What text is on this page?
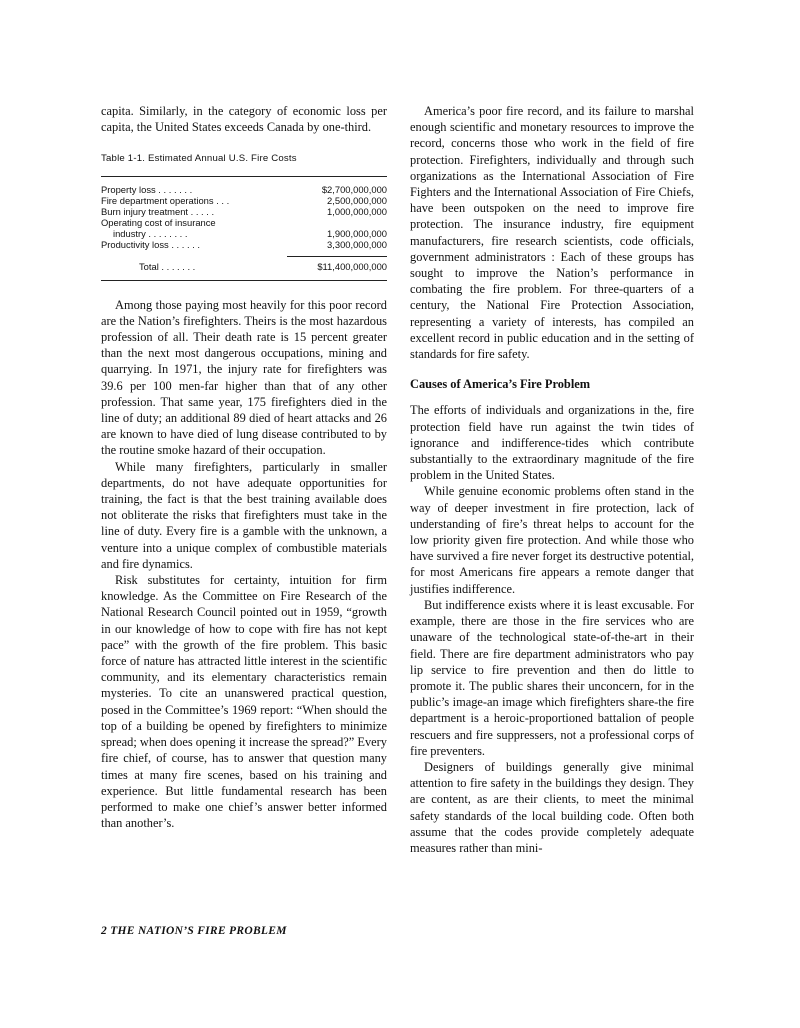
capita. Similarly, in the category of economic loss per capita, the United States exceeds Canada by one-third.

Table 1-1. Estimated Annual U.S. Fire Costs
Property loss . . . . . . .	$2,700,000,000
Fire department operations . . .	2,500,000,000
Burn injury treatment . . . . .	1,000,000,000
Operating cost of insurance
industry . . . . . . . .	1,900,000,000
Productivity loss . . . . . .	3,300,000,000
Total . . . . . . .	$11,400,000,000

Among those paying most heavily for this poor record are the Nation’s firefighters. Theirs is the most hazardous profession of all. Their death rate is 15 percent greater than the next most dangerous occupations, mining and quarrying. In 1971, the injury rate for firefighters was 39.6 per 100 men-far higher than that of any other profession. That same year, 175 firefighters died in the line of duty; an additional 89 died of heart attacks and 26 are known to have died of lung disease contributed to by the routine smoke hazard of their occupation.

While many firefighters, particularly in smaller departments, do not have adequate opportunities for training, the fact is that the best training available does not obliterate the risks that firefighters must take in the line of duty. Every fire is a gamble with the unknown, a venture into a unique complex of combustible materials and fire dynamics.

Risk substitutes for certainty, intuition for firm knowledge. As the Committee on Fire Research of the National Research Council pointed out in 1959, “growth in our knowledge of how to cope with fire has not kept pace” with the growth of the fire problem. This basic force of nature has attracted little interest in the scientific community, and its elementary characteristics remain mysteries. To cite an unanswered practical question, posed in the Committee’s 1969 report: “When should the top of a building be opened by firefighters to minimize spread; when does opening it increase the spread?” Every fire chief, of course, has to answer that question many times at many fire scenes, based on his training and experience. But little fundamental research has been performed to make one chief’s answer better informed than another’s.

America’s poor fire record, and its failure to marshal enough scientific and monetary resources to improve the record, concerns those who work in the field of fire protection. Firefighters, individually and through such organizations as the International Association of Fire Fighters and the International Association of Fire Chiefs, have been outspoken on the need to improve fire protection. The insurance industry, fire equipment manufacturers, fire research scientists, code officials, government administrators : Each of these groups has sought to improve the Nation’s performance in combating the fire problem. For three-quarters of a century, the National Fire Protection Association, representing a variety of interests, has compiled an excellent record in public education and in the setting of standards for fire safety.

Causes of America’s Fire Problem

The efforts of individuals and organizations in the, fire protection field have run against the twin tides of ignorance and indifference-tides which contribute substantially to the extraordinary magnitude of the fire problem in the United States.

While genuine economic problems often stand in the way of deeper investment in fire protection, lack of understanding of fire’s threat helps to account for the low priority given fire protection. And while those who have survived a fire never forget its destructive potential, for most Americans fire appears a remote danger that justifies indifference.

But indifference exists where it is least excusable. For example, there are those in the fire services who are unaware of the technological state-of-the-art in their field. There are fire department administrators who pay lip service to fire prevention and then do little to promote it. The public shares their unconcern, for in the public’s image-an image which firefighters share-the fire department is a heroic-proportioned battalion of people rescuers and fire suppressers, not a professional corps of fire preventers.

Designers of buildings generally give minimal attention to fire safety in the buildings they design. They are content, as are their clients, to meet the minimal safety standards of the local building code. Often both assume that the codes provide completely adequate measures rather than mini-

2 THE NATION’S FIRE PROBLEM
